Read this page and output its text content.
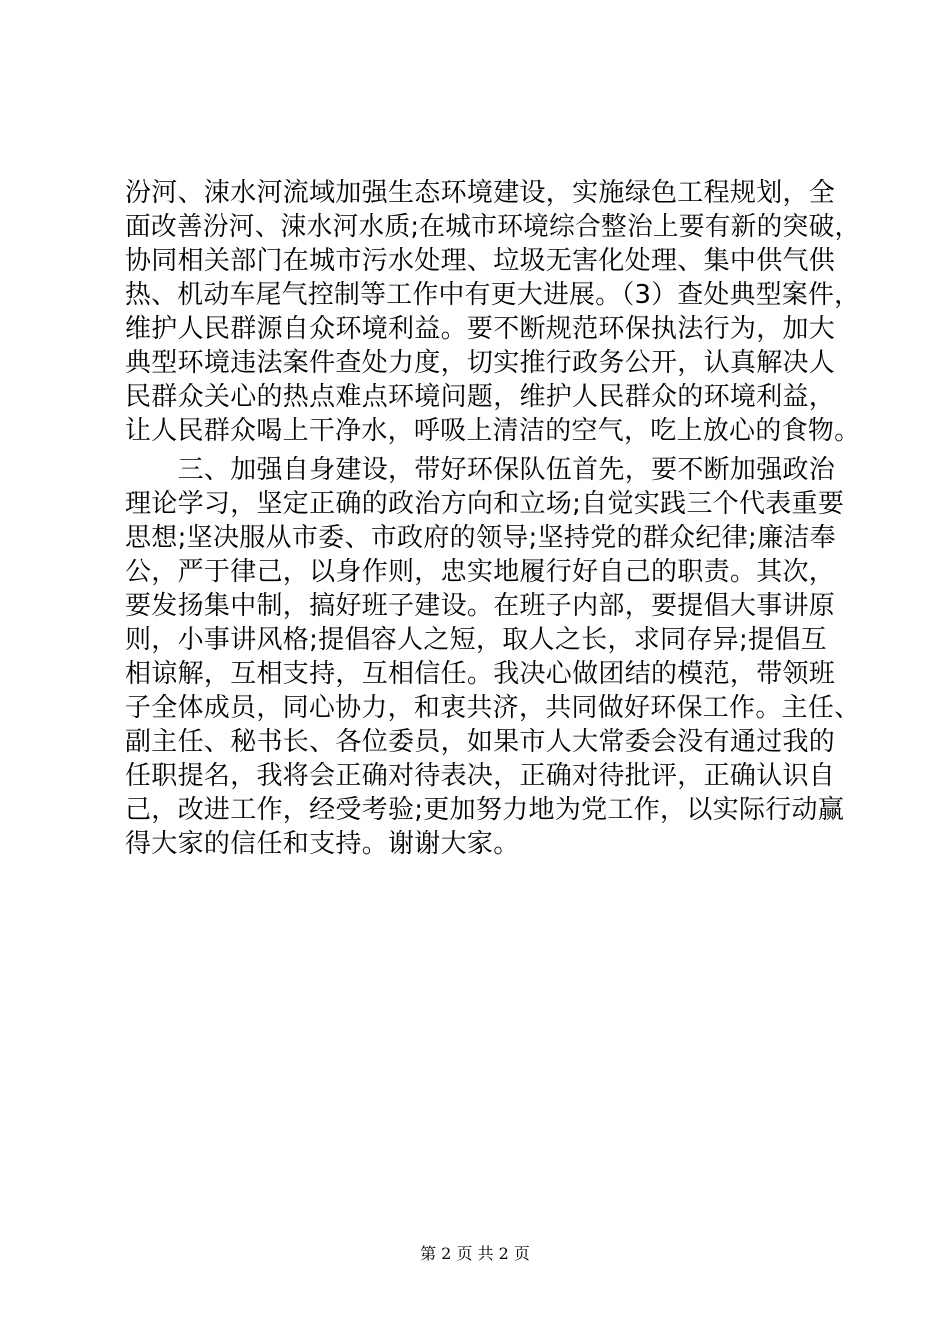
汾河、涑水河流域加强生态环境建设，实施绿色工程规划，全
面改善汾河、涑水河水质;在城市环境综合整治上要有新的突破，
协同相关部门在城市污水处理、垃圾无害化处理、集中供气供
热、机动车尾气控制等工作中有更大进展。（3）查处典型案件，
维护人民群源自众环境利益。要不断规范环保执法行为，加大
典型环境违法案件查处力度，切实推行政务公开，认真解决人
民群众关心的热点难点环境问题，维护人民群众的环境利益，
让人民群众喝上干净水，呼吸上清洁的空气，吃上放心的食物。
　　三、加强自身建设，带好环保队伍首先，要不断加强政治
理论学习，坚定正确的政治方向和立场;自觉实践三个代表重要
思想;坚决服从市委、市政府的领导;坚持党的群众纪律;廉洁奉
公，严于律己，以身作则，忠实地履行好自己的职责。其次，
要发扬集中制，搞好班子建设。在班子内部，要提倡大事讲原
则，小事讲风格;提倡容人之短，取人之长，求同存异;提倡互
相谅解，互相支持，互相信任。我决心做团结的模范，带领班
子全体成员，同心协力，和衷共济，共同做好环保工作。主任、
副主任、秘书长、各位委员，如果市人大常委会没有通过我的
任职提名，我将会正确对待表决，正确对待批评，正确认识自
己，改进工作，经受考验;更加努力地为党工作，以实际行动赢
得大家的信任和支持。谢谢大家。
第 2 页 共 2 页
